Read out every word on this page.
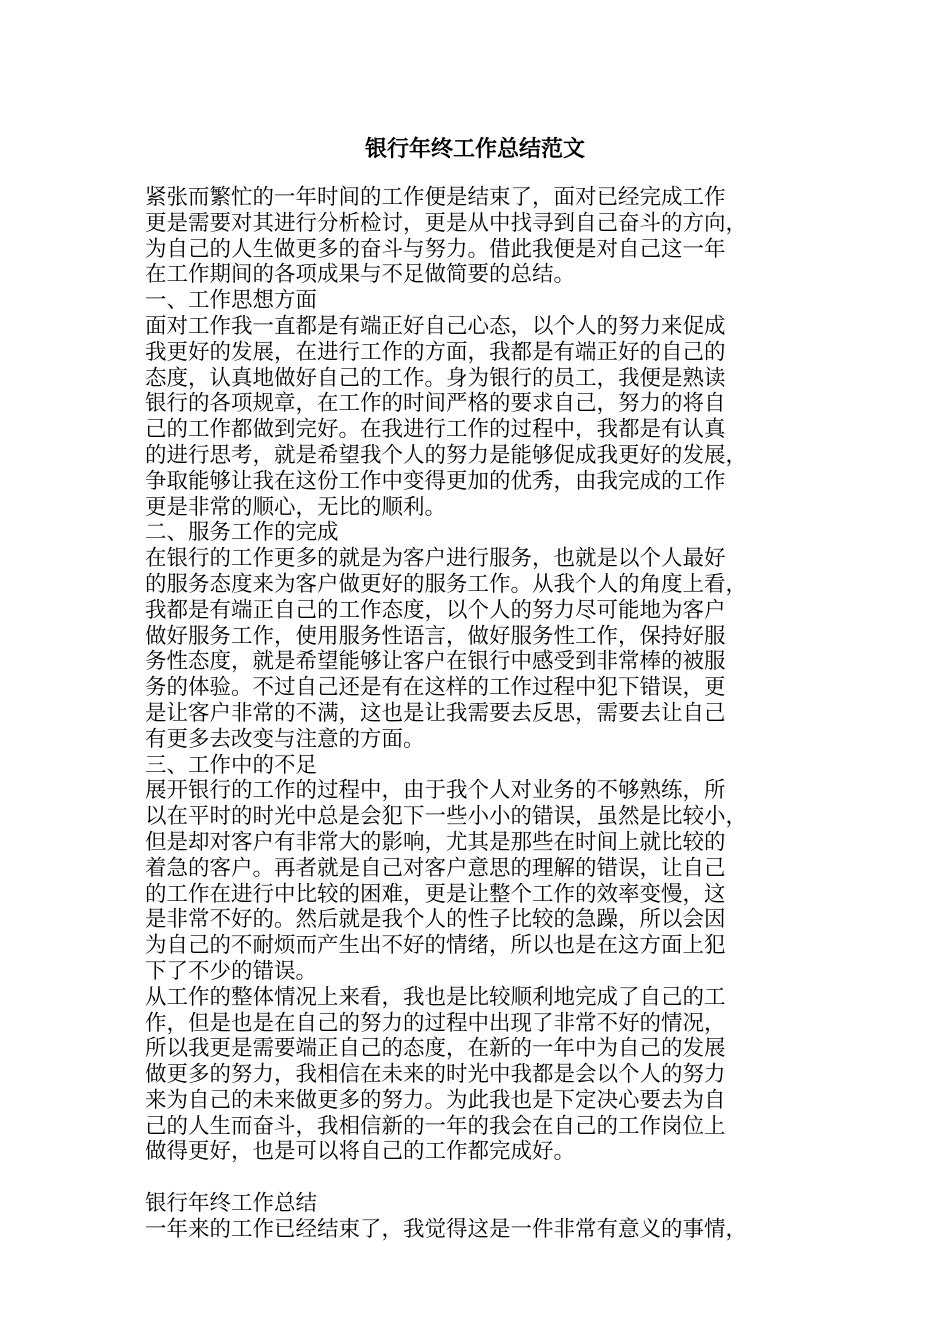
银行年终工作总结范文
紧张而繁忙的一年时间的工作便是结束了，面对已经完成工作
更是需要对其进行分析检讨，更是从中找寻到自己奋斗的方向，
为自己的人生做更多的奋斗与努力。借此我便是对自己这一年
在工作期间的各项成果与不足做简要的总结。
一、工作思想方面
面对工作我一直都是有端正好自己心态，以个人的努力来促成
我更好的发展，在进行工作的方面，我都是有端正好的自己的
态度，认真地做好自己的工作。身为银行的员工，我便是熟读
银行的各项规章，在工作的时间严格的要求自己，努力的将自
己的工作都做到完好。在我进行工作的过程中，我都是有认真
的进行思考，就是希望我个人的努力是能够促成我更好的发展，
争取能够让我在这份工作中变得更加的优秀，由我完成的工作
更是非常的顺心，无比的顺利。
二、服务工作的完成
在银行的工作更多的就是为客户进行服务，也就是以个人最好
的服务态度来为客户做更好的服务工作。从我个人的角度上看，
我都是有端正自己的工作态度，以个人的努力尽可能地为客户
做好服务工作，使用服务性语言，做好服务性工作，保持好服
务性态度，就是希望能够让客户在银行中感受到非常棒的被服
务的体验。不过自己还是有在这样的工作过程中犯下错误，更
是让客户非常的不满，这也是让我需要去反思，需要去让自己
有更多去改变与注意的方面。
三、工作中的不足
展开银行的工作的过程中，由于我个人对业务的不够熟练，所
以在平时的时光中总是会犯下一些小小的错误，虽然是比较小，
但是却对客户有非常大的影响，尤其是那些在时间上就比较的
着急的客户。再者就是自己对客户意思的理解的错误，让自己
的工作在进行中比较的困难，更是让整个工作的效率变慢，这
是非常不好的。然后就是我个人的性子比较的急躁，所以会因
为自己的不耐烦而产生出不好的情绪，所以也是在这方面上犯
下了不少的错误。
从工作的整体情况上来看，我也是比较顺利地完成了自己的工
作，但是也是在自己的努力的过程中出现了非常不好的情况，
所以我更是需要端正自己的态度，在新的一年中为自己的发展
做更多的努力，我相信在未来的时光中我都是会以个人的努力
来为自己的未来做更多的努力。为此我也是下定决心要去为自
己的人生而奋斗，我相信新的一年的我会在自己的工作岗位上
做得更好，也是可以将自己的工作都完成好。
银行年终工作总结
一年来的工作已经结束了，我觉得这是一件非常有意义的事情，
